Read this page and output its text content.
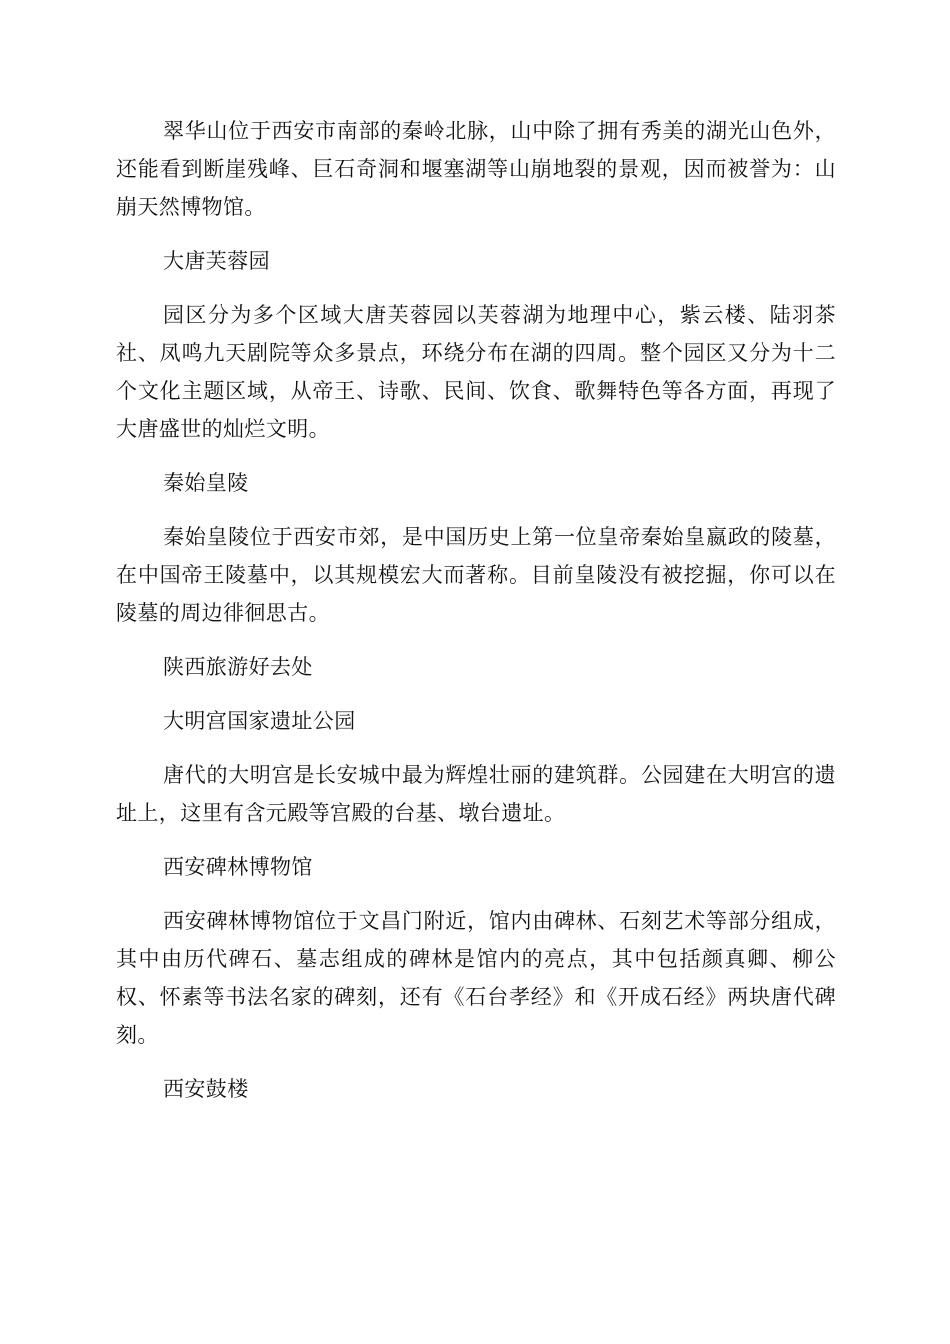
翠华山位于西安市南部的秦岭北脉，山中除了拥有秀美的湖光山色外，还能看到断崖残峰、巨石奇洞和堰塞湖等山崩地裂的景观，因而被誉为：山崩天然博物馆。

大唐芙蓉园

园区分为多个区域大唐芙蓉园以芙蓉湖为地理中心，紫云楼、陆羽茶社、凤鸣九天剧院等众多景点，环绕分布在湖的四周。整个园区又分为十二个文化主题区域，从帝王、诗歌、民间、饮食、歌舞特色等各方面，再现了大唐盛世的灿烂文明。

秦始皇陵

秦始皇陵位于西安市郊，是中国历史上第一位皇帝秦始皇嬴政的陵墓，在中国帝王陵墓中，以其规模宏大而著称。目前皇陵没有被挖掘，你可以在陵墓的周边徘徊思古。

陕西旅游好去处

大明宫国家遗址公园

唐代的大明宫是长安城中最为辉煌壮丽的建筑群。公园建在大明宫的遗址上，这里有含元殿等宫殿的台基、墩台遗址。

西安碑林博物馆

西安碑林博物馆位于文昌门附近，馆内由碑林、石刻艺术等部分组成，其中由历代碑石、墓志组成的碑林是馆内的亮点，其中包括颜真卿、柳公权、怀素等书法名家的碑刻，还有《石台孝经》和《开成石经》两块唐代碑刻。

西安鼓楼
